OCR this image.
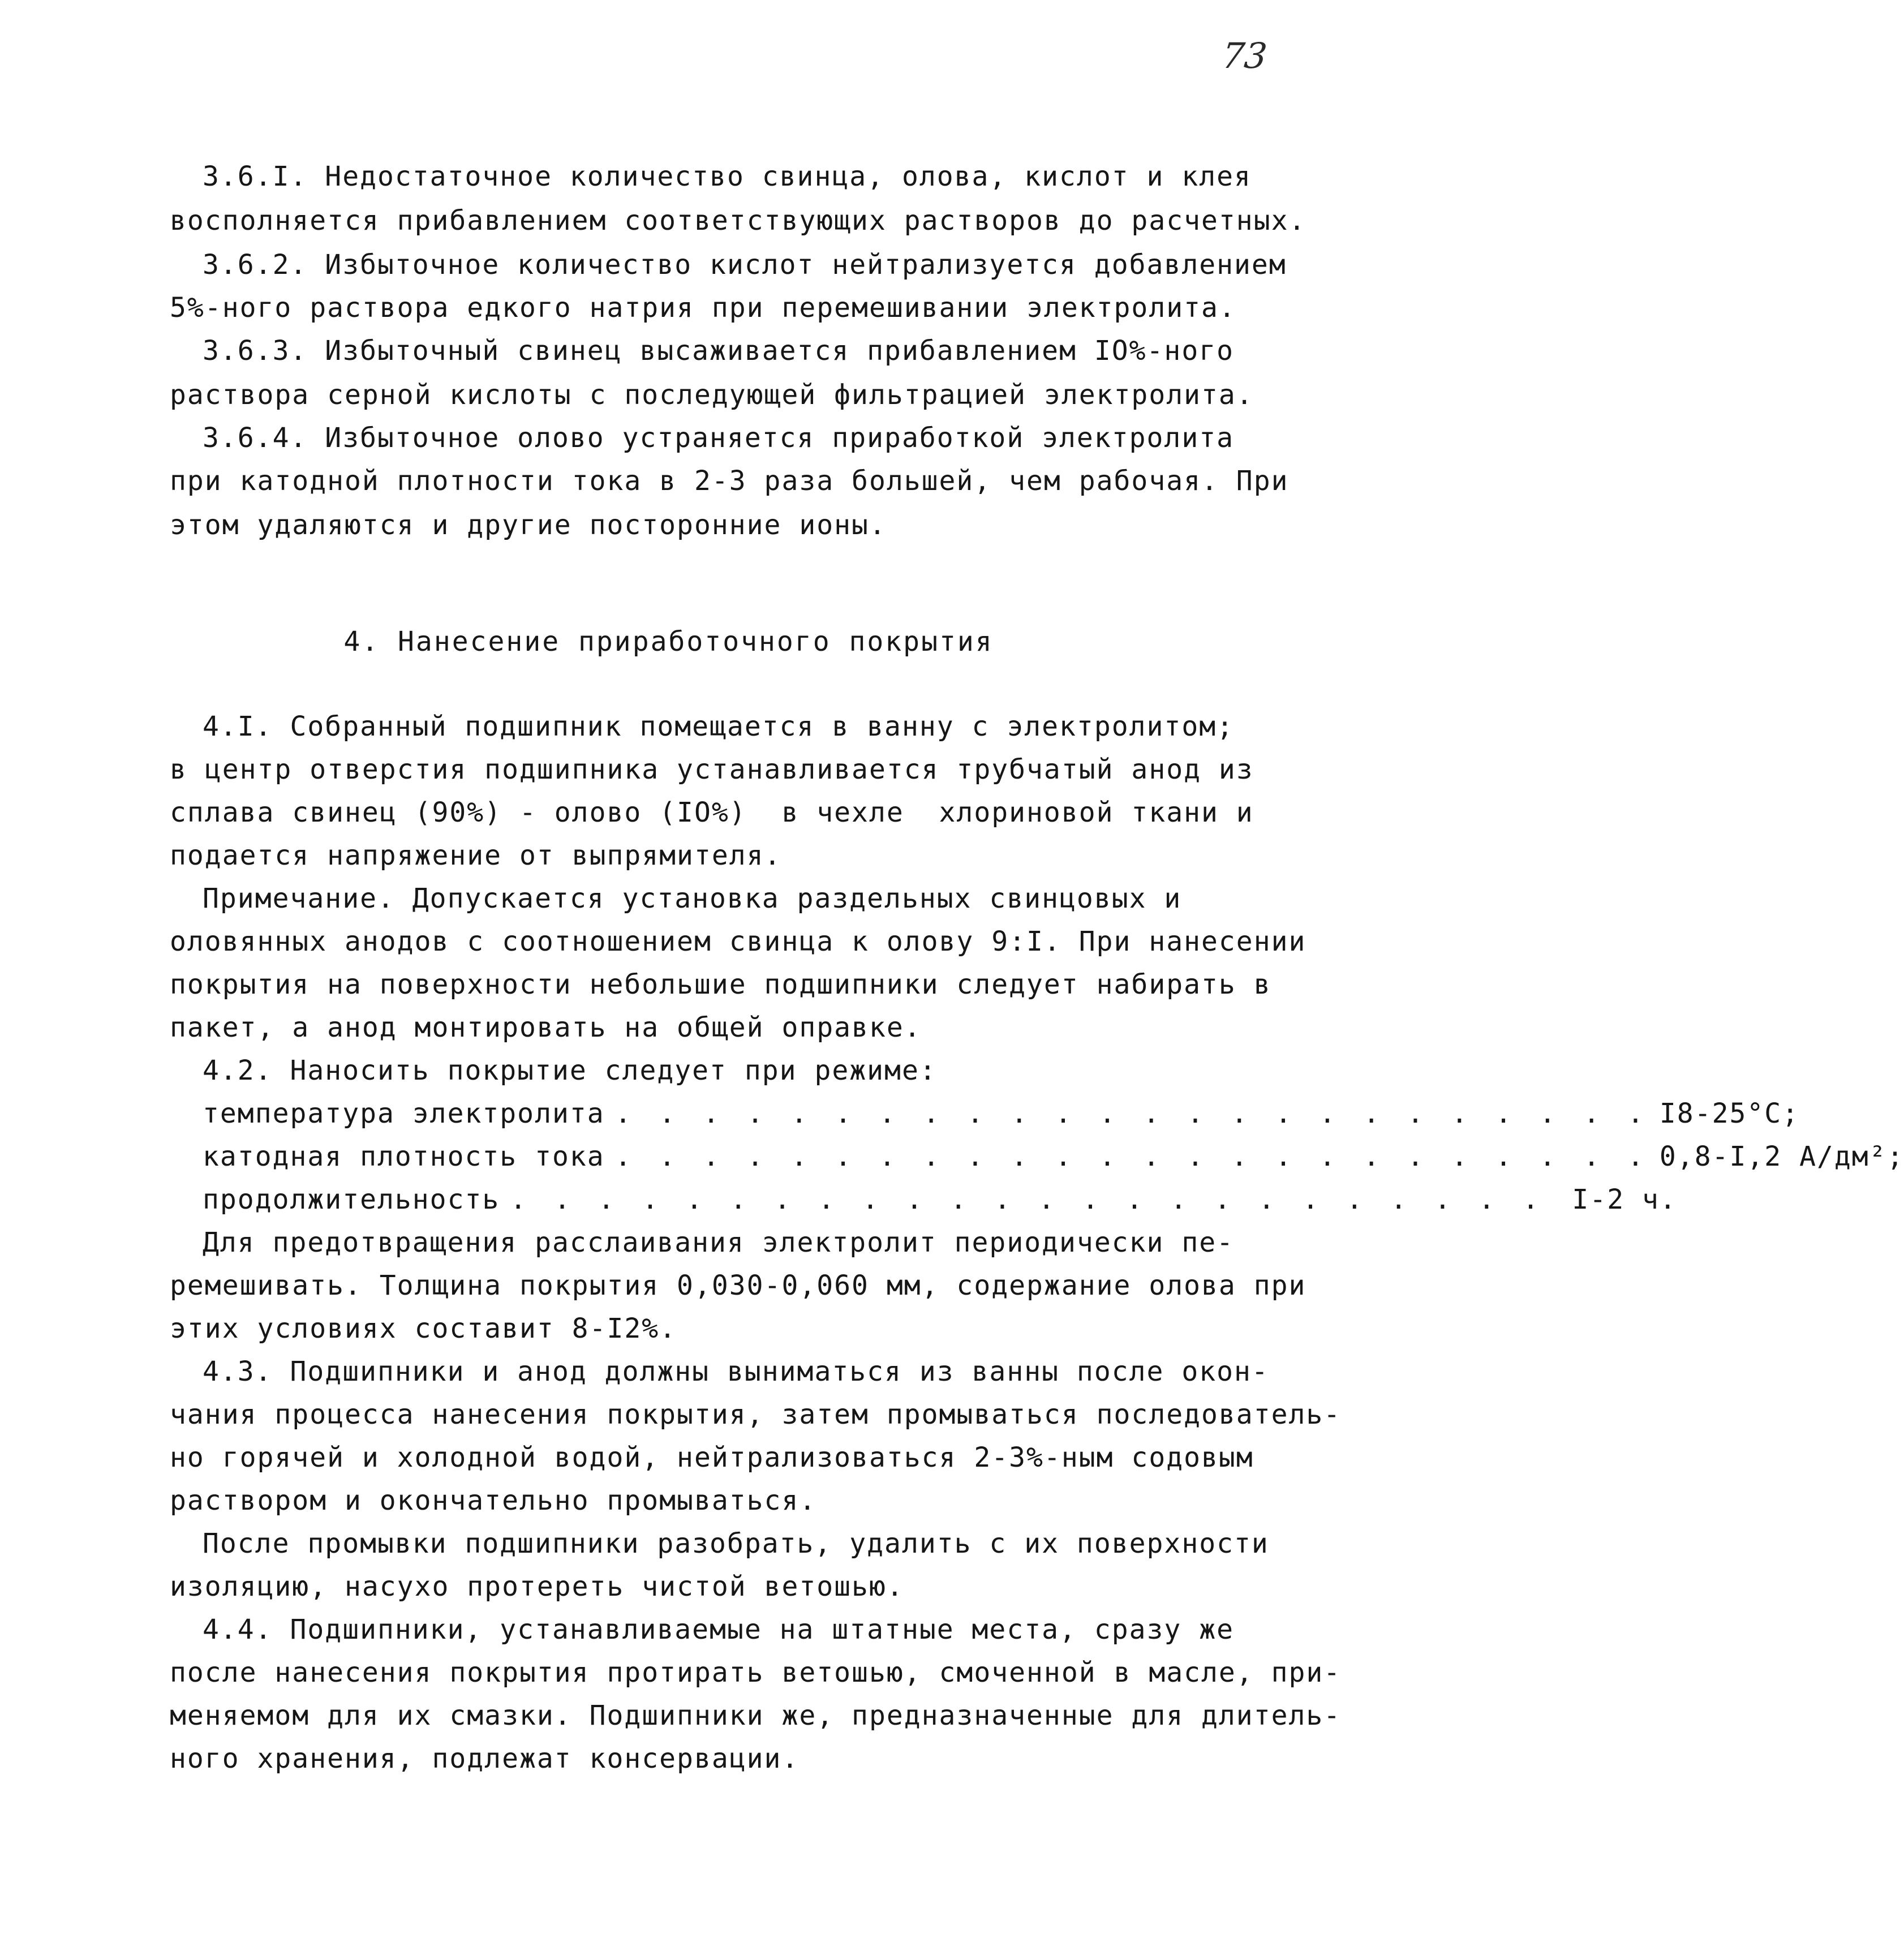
73
3.6.I. Недостаточное количество свинца, олова, кислот и клея
восполняется прибавлением соответствующих растворов до расчетных.
3.6.2. Избыточное количество кислот нейтрализуется добавлением
5%-ного раствора едкого натрия при перемешивании электролита.
3.6.3. Избыточный свинец высаживается прибавлением IO%-ного
раствора серной кислоты с последующей фильтрацией электролита.
3.6.4. Избыточное олово устраняется приработкой электролита
при катодной плотности тока в 2-3 раза большей, чем рабочая. При
этом удаляются и другие посторонние ионы.
4. Нанесение приработочного покрытия
4.I. Собранный подшипник помещается в ванну с электролитом;
в центр отверстия подшипника устанавливается трубчатый анод из
сплава свинец (90%) - олово (IO%)  в чехле  хлориновой ткани и
подается напряжение от выпрямителя.
Примечание. Допускается установка раздельных свинцовых и
оловянных анодов с соотношением свинца к олову 9:I. При нанесении
покрытия на поверхности небольшие подшипники следует набирать в
пакет, а анод монтировать на общей оправке.
4.2. Наносить покрытие следует при режиме:
температура электролита . . . . . . . . . . . . . . . . . . . . . . . . I8-25°C;
катодная плотность тока . . . . . . . . . . . . . . . . . . . . . . . . 0,8-I,2 А/дм²;
продолжительность . . . . . . . . . . . . . . . . . . . . . . . . I-2 ч.
Для предотвращения расслаивания электролит периодически пе-
ремешивать. Толщина покрытия 0,030-0,060 мм, содержание олова при
этих условиях составит 8-I2%.
4.3. Подшипники и анод должны выниматься из ванны после окон-
чания процесса нанесения покрытия, затем промываться последователь-
но горячей и холодной водой, нейтрализоваться 2-3%-ным содовым
раствором и окончательно промываться.
После промывки подшипники разобрать, удалить с их поверхности
изоляцию, насухо протереть чистой ветошью.
4.4. Подшипники, устанавливаемые на штатные места, сразу же
после нанесения покрытия протирать ветошью, смоченной в масле, при-
меняемом для их смазки. Подшипники же, предназначенные для длитель-
ного хранения, подлежат консервации.
